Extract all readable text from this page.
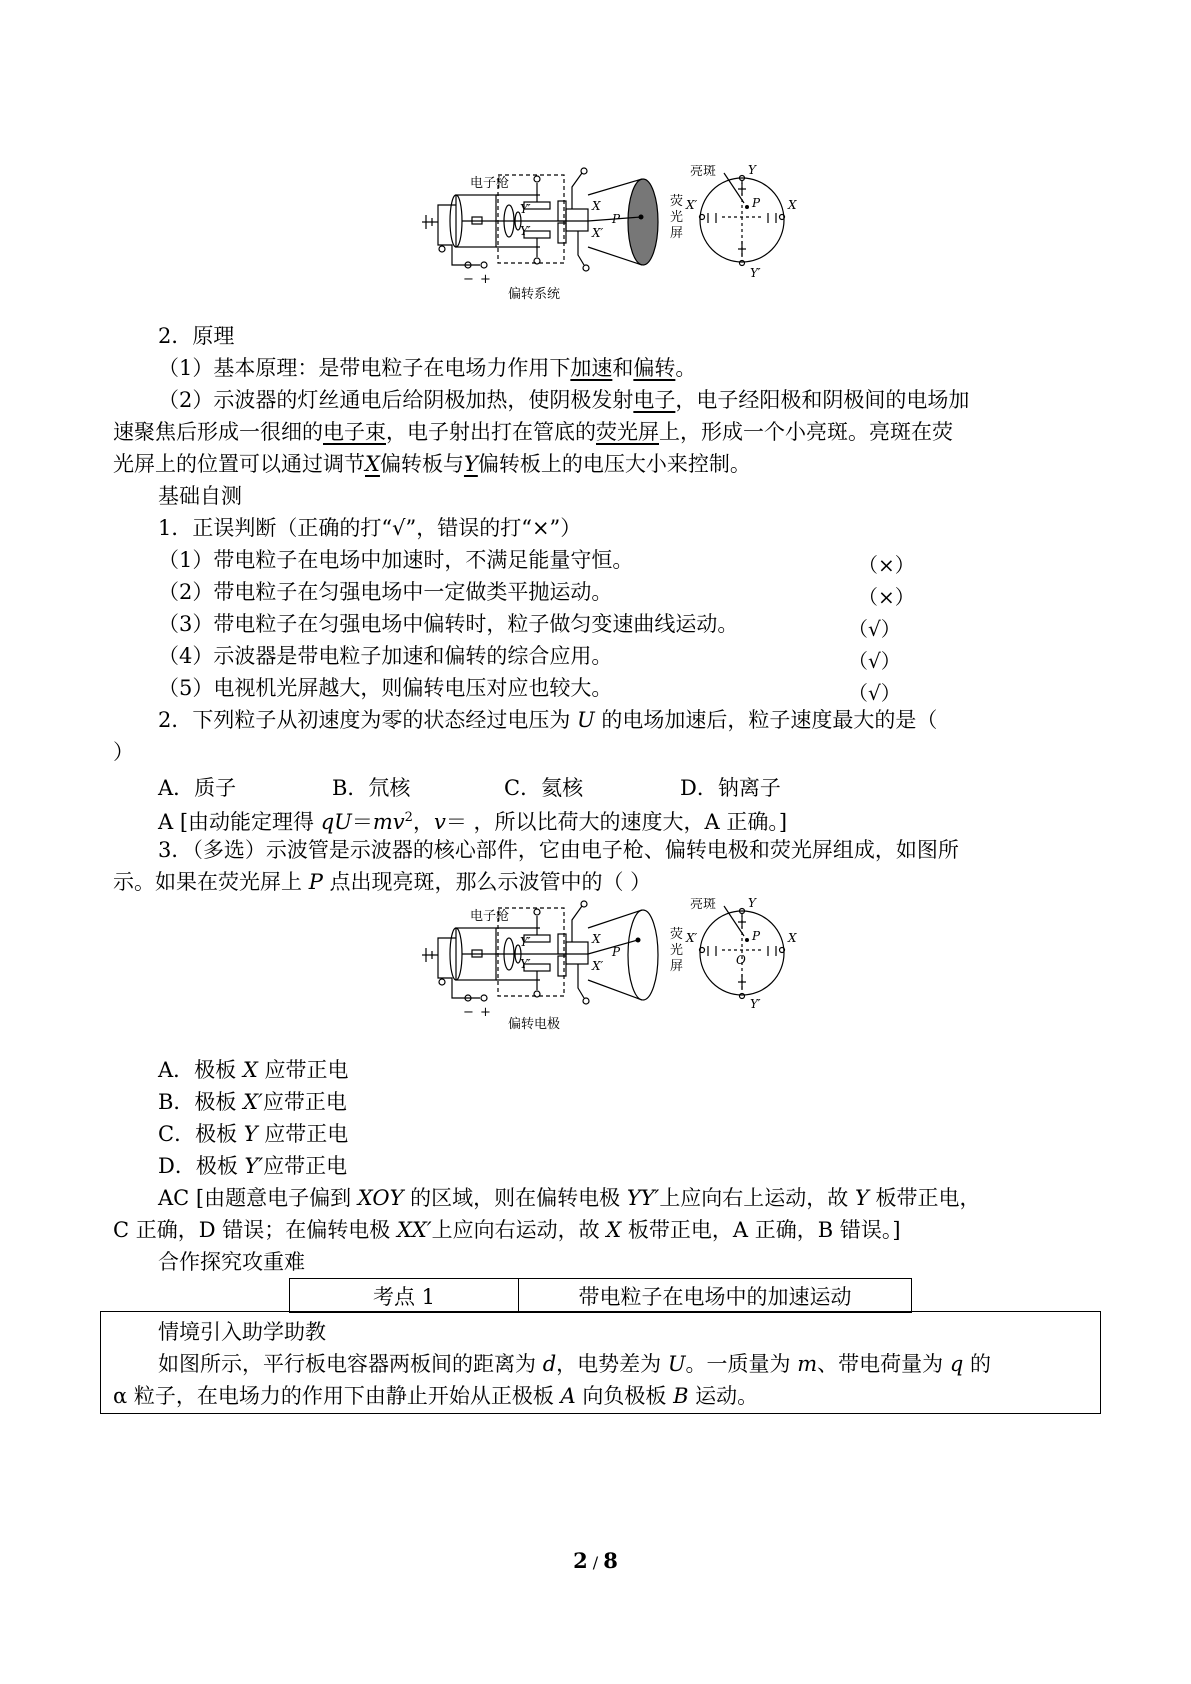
电子枪
偏转系统
荧
光
屏
亮斑
Y′
Y′
X
X′
P
Y
Y′
X′	X
P
− +
2．原理
（1）基本原理：是带电粒子在电场力作用下加速和偏转。
（2）示波器的灯丝通电后给阴极加热，使阴极发射电子，电子经阳极和阴极间的电场加
速聚焦后形成一很细的电子束，电子射出打在管底的荧光屏上，形成一个小亮斑。亮斑在荧
光屏上的位置可以通过调节X偏转板与Y偏转板上的电压大小来控制。
基础自测
1．正误判断（正确的打“√”，错误的打“×”）
（1）带电粒子在电场中加速时，不满足能量守恒。	（×）
（2）带电粒子在匀强电场中一定做类平抛运动。	（×）
（3）带电粒子在匀强电场中偏转时，粒子做匀变速曲线运动。	（√）
（4）示波器是带电粒子加速和偏转的综合应用。	（√）
（5）电视机光屏越大，则偏转电压对应也较大。	（√）
2．下列粒子从初速度为零的状态经过电压为 U 的电场加速后，粒子速度最大的是（
）
A．质子	B．氘核	C．氦核	D．钠离子
A [由动能定理得 $qU=mv^2$，v＝ ，所以比荷大的速度大，A 正确。]
3．（多选）示波管是示波器的核心部件，它由电子枪、偏转电极和荧光屏组成，如图所
示。如果在荧光屏上 P 点出现亮斑，那么示波管中的（ ）
电子枪
偏转电极
荧
光
屏
亮斑
Y′
Y′
X
X′
P
Y
Y′
X′	X
P
O
− +
A．极板 X 应带正电
B．极板 X′应带正电
C．极板 Y 应带正电
D．极板 Y′应带正电
AC [由题意电子偏到 XOY 的区域，则在偏转电极 YY′上应向右上运动，故 Y 板带正电，
C 正确，D 错误；在偏转电极 XX′上应向右运动，故 X 板带正电，A 正确，B 错误。]
合作探究攻重难
考点 1	带电粒子在电场中的加速运动
情境引入助学助教
如图所示，平行板电容器两板间的距离为 d，电势差为 U。一质量为 m、带电荷量为 q 的
α 粒子，在电场力的作用下由静止开始从正极板 A 向负极板 B 运动。
2 / 8
